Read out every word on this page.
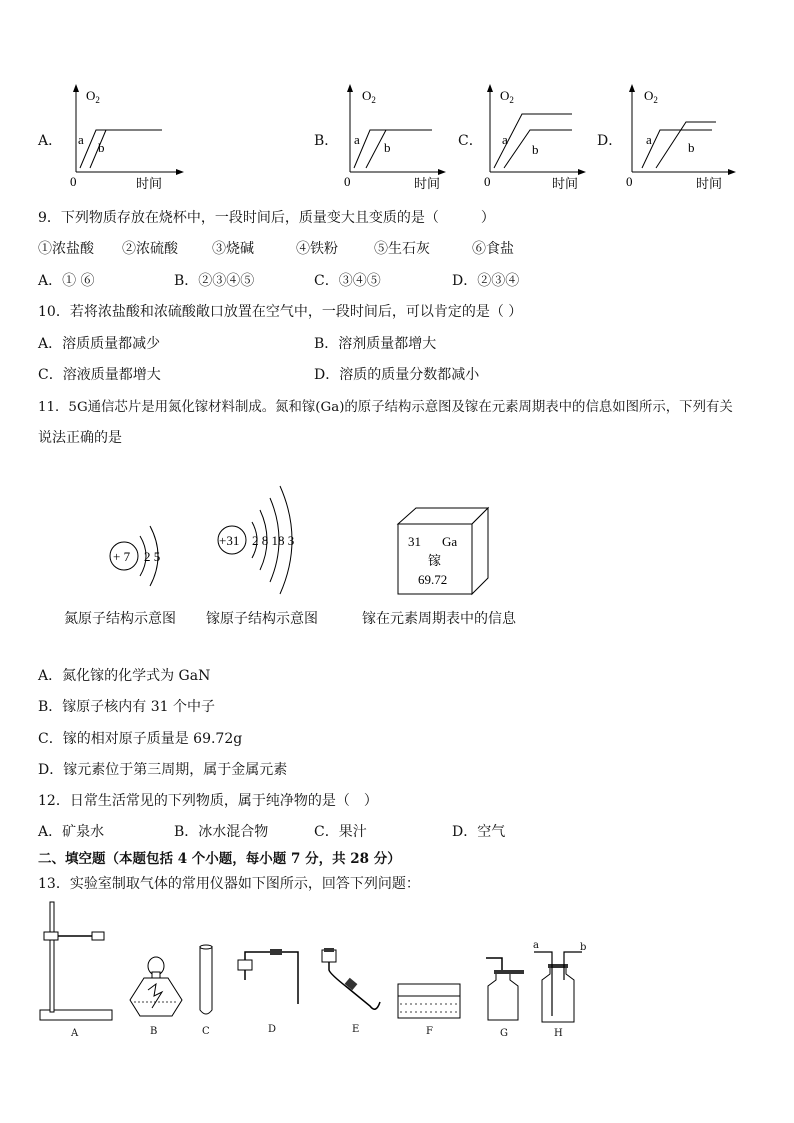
A．
$O_2$
0	时间
a
b	B．
$O_2$
0	时间
a
b	C．
$O_2$
0	时间
a
b
D．
$O_2$
0	时间
a
b
9．下列物质存放在烧杯中，一段时间后，质量变大且变质的是（　　　）
①浓盐酸 ②浓硫酸 ③烧碱	④铁粉	⑤生石灰	⑥食盐
A．① ⑥	B．②③④⑤	C．③④⑤	D．②③④
10．若将浓盐酸和浓硫酸敞口放置在空气中，一段时间后，可以肯定的是（ ）
A．溶质质量都减少	B．溶剂质量都增大
C．溶液质量都增大	D．溶质的质量分数都减小
11．5G通信芯片是用氮化镓材料制成。氮和镓(Ga)的原子结构示意图及镓在元素周期表中的信息如图所示，下列有关
说法正确的是
+ 7 2 5
氮原子结构示意图
+31 2 8 18 3
镓原子结构示意图
31 Ga
镓
69.72
镓在元素周期表中的信息
A．氮化镓的化学式为 GaN
B．镓原子核内有 31 个中子
C．镓的相对原子质量是 69.72g
D．镓元素位于第三周期，属于金属元素
12．日常生活常见的下列物质，属于纯净物的是（　）
A．矿泉水	B．冰水混合物	C．果汁	D．空气
二、填空题（本题包括 4 个小题，每小题 7 分，共 28 分）
13．实验室制取气体的常用仪器如下图所示，回答下列问题：
A	B	C	D	E	F	G
a	b
H
